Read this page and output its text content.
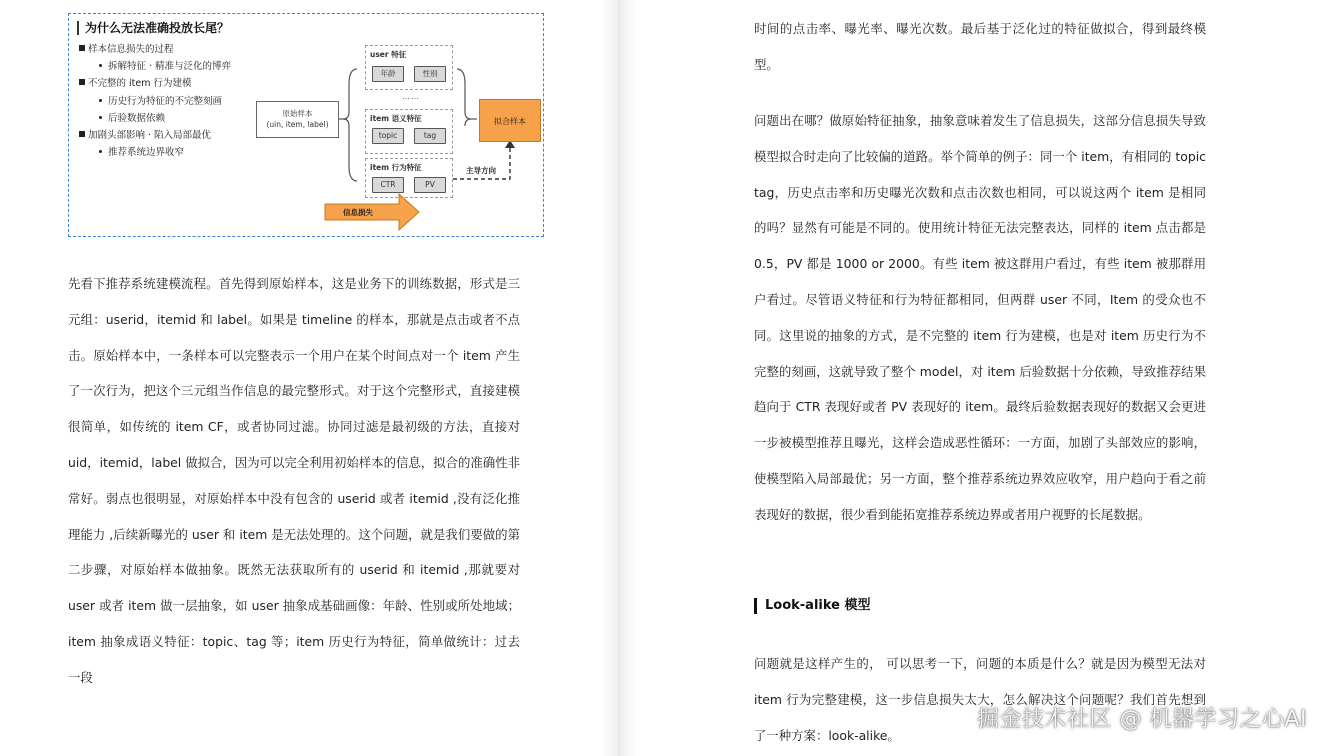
为什么无法准确投放长尾？
样本信息损失的过程
拆解特征 · 精准与泛化的博弈
不完整的 item 行为建模
历史行为特征的不完整刻画
后验数据依赖
加剧头部影响 · 陷入局部最优
推荐系统边界收窄
原始样本
(uin, item, label)
user 特征
年龄	性别
……
item 语义特征
topic	tag
item 行为特征
CTR	PV
拟合样本
主导方向
信息损失

先看下推荐系统建模流程。首先得到原始样本，这是业务下的训练数据，形式是三元组：userid，itemid 和 label。如果是 timeline 的样本，那就是点击或者不点击。原始样本中，一条样本可以完整表示一个用户在某个时间点对一个 item 产生了一次行为，把这个三元组当作信息的最完整形式。对于这个完整形式，直接建模很简单，如传统的 item CF，或者协同过滤。协同过滤是最初级的方法，直接对 uid，itemid，label 做拟合，因为可以完全利用初始样本的信息，拟合的准确性非常好。弱点也很明显，对原始样本中没有包含的 userid 或者 itemid ,没有泛化推理能力 ,后续新曝光的 user 和 item 是无法处理的。这个问题，就是我们要做的第二步骤，对原始样本做抽象。既然无法获取所有的 userid 和 itemid ,那就要对 user 或者 item 做一层抽象，如 user 抽象成基础画像：年龄、性别或所处地域；item 抽象成语义特征：topic、tag 等；item 历史行为特征，简单做统计：过去一段

时间的点击率、曝光率、曝光次数。最后基于泛化过的特征做拟合，得到最终模型。
问题出在哪？做原始特征抽象，抽象意味着发生了信息损失，这部分信息损失导致模型拟合时走向了比较偏的道路。举个简单的例子：同一个 item，有相同的 topic tag，历史点击率和历史曝光次数和点击次数也相同，可以说这两个 item 是相同的吗？显然有可能是不同的。使用统计特征无法完整表达，同样的 item 点击都是 0.5，PV 都是 1000 or 2000。有些 item 被这群用户看过，有些 item 被那群用户看过。尽管语义特征和行为特征都相同，但两群 user 不同，Item 的受众也不同。这里说的抽象的方式，是不完整的 item 行为建模，也是对 item 历史行为不完整的刻画，这就导致了整个 model，对 item 后验数据十分依赖，导致推荐结果趋向于 CTR 表现好或者 PV 表现好的 item。最终后验数据表现好的数据又会更进一步被模型推荐且曝光，这样会造成恶性循环：一方面，加剧了头部效应的影响，使模型陷入局部最优；另一方面，整个推荐系统边界效应收窄，用户趋向于看之前表现好的数据，很少看到能拓宽推荐系统边界或者用户视野的长尾数据。
Look-alike 模型
问题就是这样产生的， 可以思考一下，问题的本质是什么？就是因为模型无法对 item 行为完整建模，这一步信息损失太大，怎么解决这个问题呢？我们首先想到了一种方案：look-alike。
掘金技术社区 @ 机器学习之心AI
